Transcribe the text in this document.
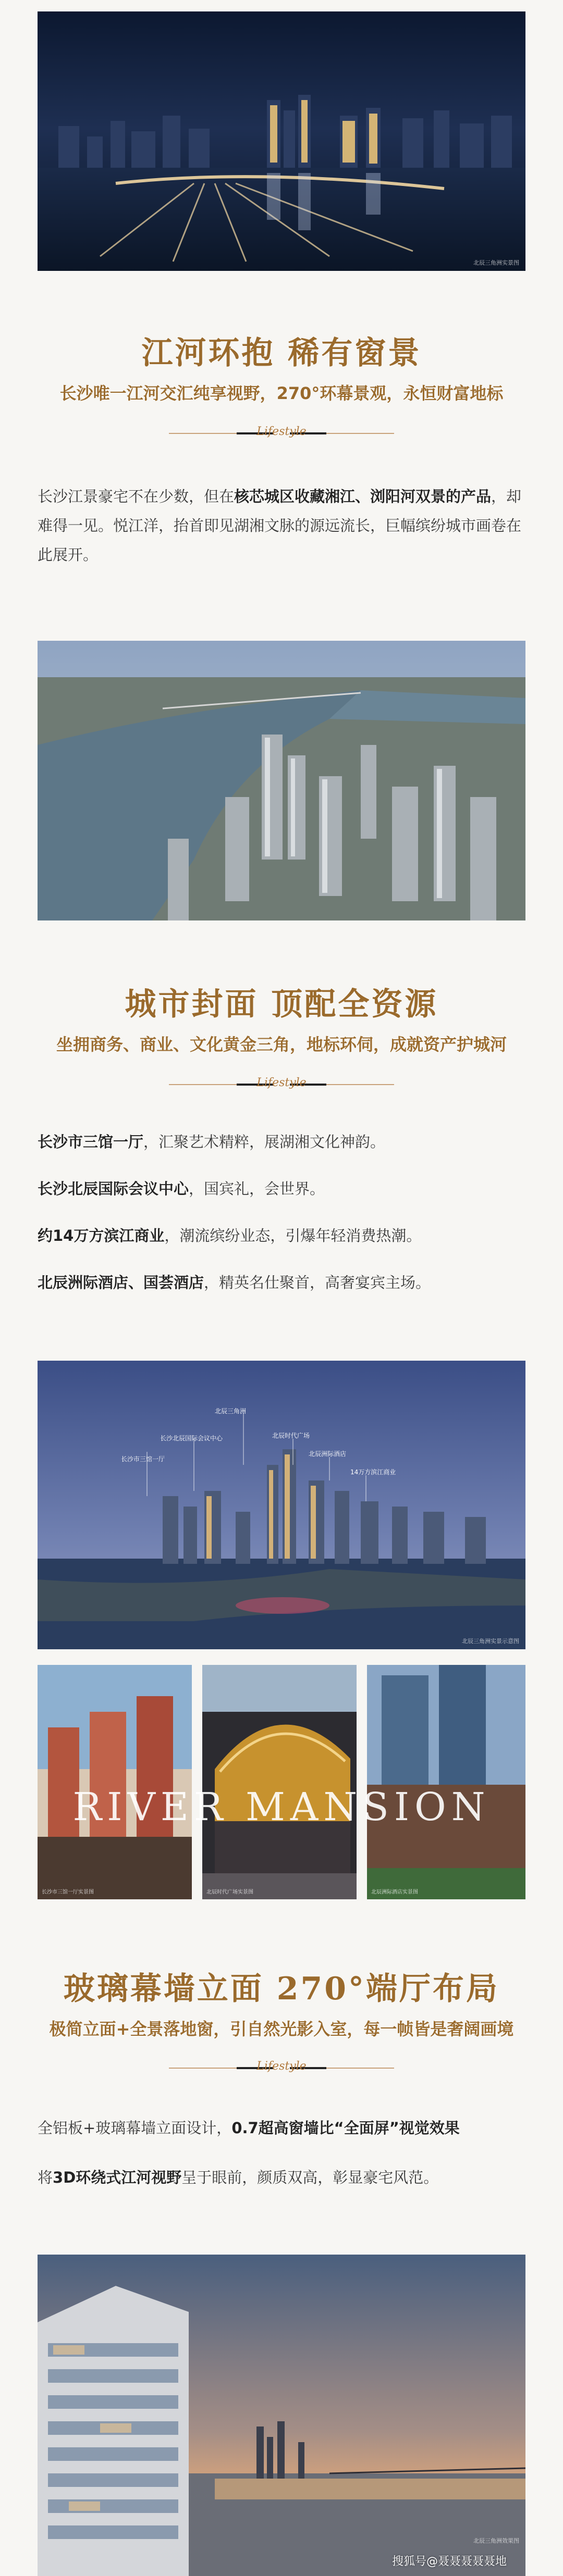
北辰三角洲实景图
江河环抱 稀有窗景
长沙唯一江河交汇纯享视野，270°环幕景观，永恒财富地标
Lifestyle
长沙江景豪宅不在少数，但在核芯城区收藏湘江、浏阳河双景的产品，却难得一见。悦江洋，抬首即见湖湘文脉的源远流长，巨幅缤纷城市画卷在此展开。
城市封面 顶配全资源
坐拥商务、商业、文化黄金三角，地标环伺，成就资产护城河
Lifestyle
长沙市三馆一厅，汇聚艺术精粹，展湖湘文化神韵。
长沙北辰国际会议中心，国宾礼，会世界。
约14万方滨江商业，潮流缤纷业态，引爆年轻消费热潮。
北辰洲际酒店、国荟酒店，精英名仕聚首，高奢宴宾主场。
长沙市三馆一厅
长沙北辰国际会议中心
北辰三角洲
北辰时代广场
北辰洲际酒店
14万方滨江商业
北辰三角洲实景示意图
RIVER MANSION
长沙市三馆一厅实景图	北辰时代广场实景图	北辰洲际酒店实景图
玻璃幕墙立面 270°端厅布局
极简立面+全景落地窗，引自然光影入室，每一帧皆是奢阔画境
Lifestyle
全铝板+玻璃幕墙立面设计，0.7超高窗墙比“全面屏”视觉效果
将3D环绕式江河视野呈于眼前，颜质双高，彰显豪宅风范。
北辰三角洲效果图
搜狐号@聂聂聂聂聂地
